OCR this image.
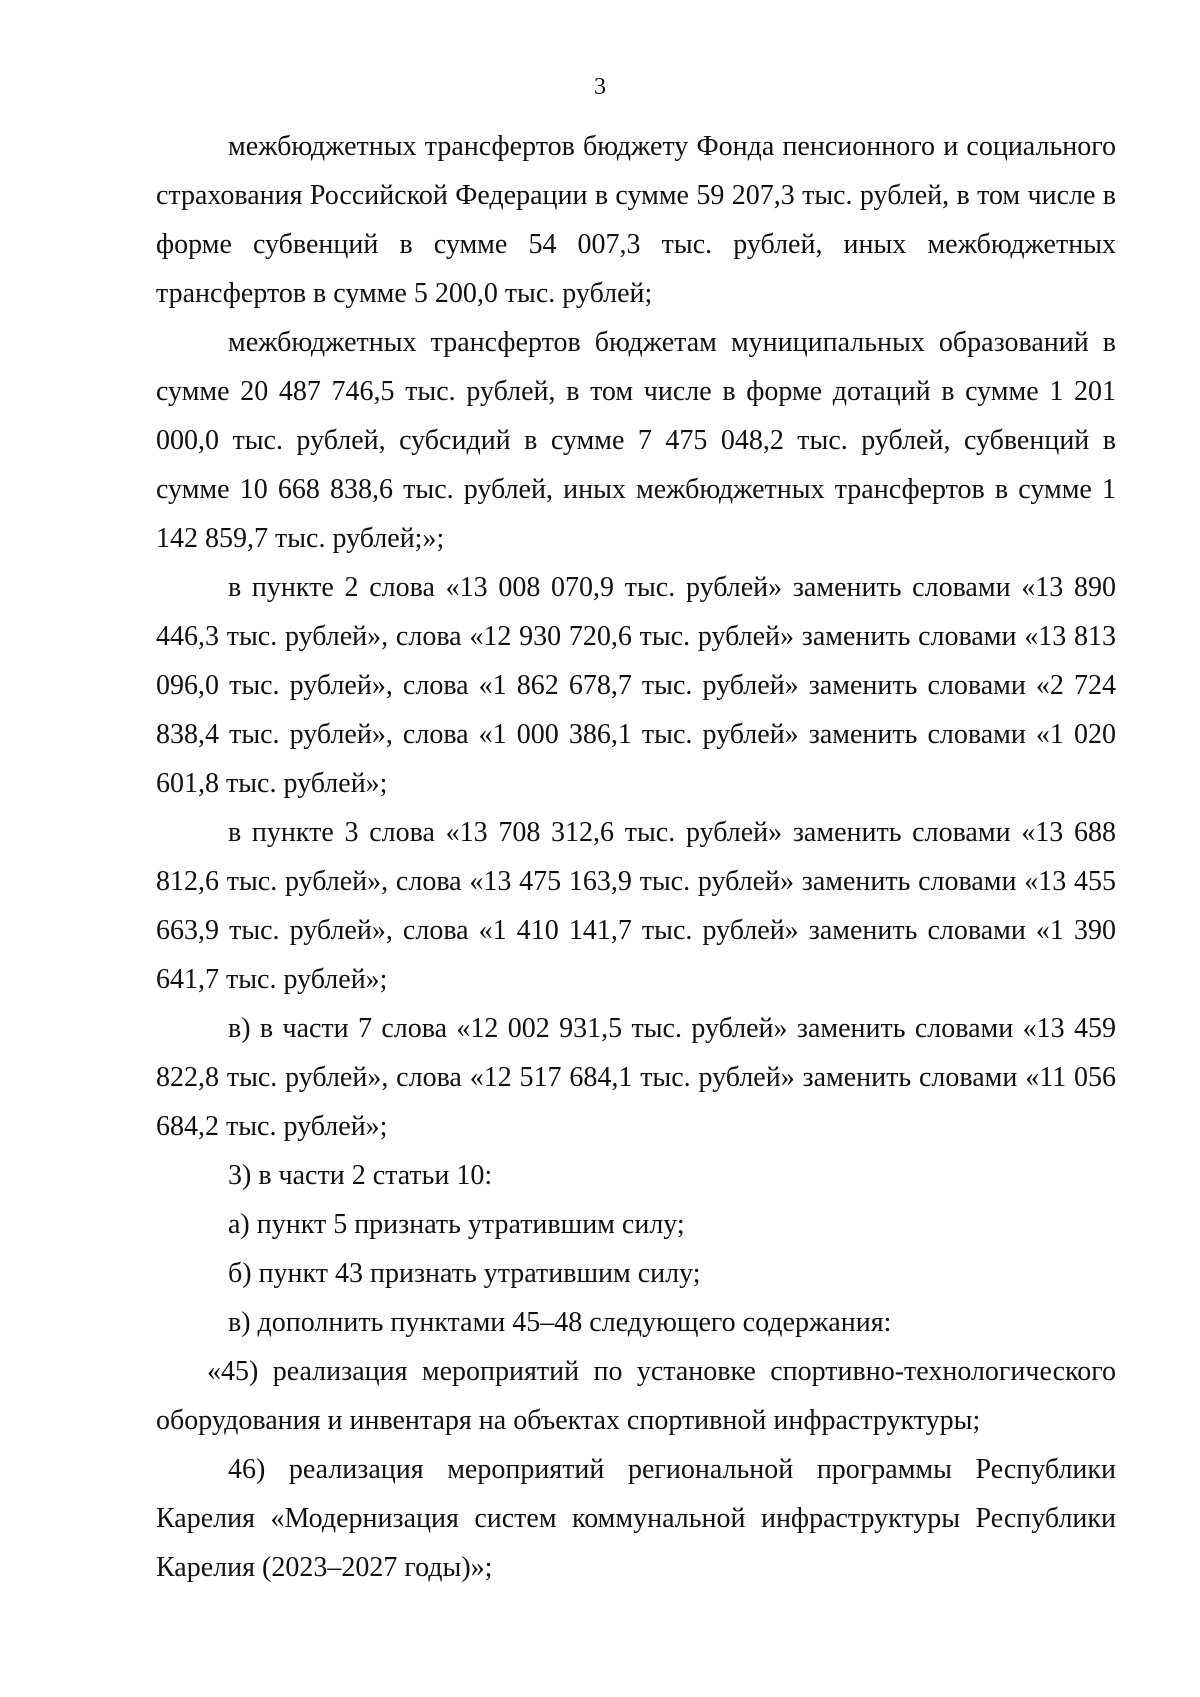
3

межбюджетных трансфертов бюджету Фонда пенсионного и социального страхования Российской Федерации в сумме 59 207,3 тыс. рублей, в том числе в форме субвенций в сумме 54 007,3 тыс. рублей, иных межбюджетных трансфертов в сумме 5 200,0 тыс. рублей;

межбюджетных трансфертов бюджетам муниципальных образований в сумме 20 487 746,5 тыс. рублей, в том числе в форме дотаций в сумме 1 201 000,0 тыс. рублей, субсидий в сумме 7 475 048,2 тыс. рублей, субвенций в сумме 10 668 838,6 тыс. рублей, иных межбюджетных трансфертов в сумме 1 142 859,7 тыс. рублей;»;

в пункте 2 слова «13 008 070,9 тыс. рублей» заменить словами «13 890 446,3 тыс. рублей», слова «12 930 720,6 тыс. рублей» заменить словами «13 813 096,0 тыс. рублей», слова «1 862 678,7 тыс. рублей» заменить словами «2 724 838,4 тыс. рублей», слова «1 000 386,1 тыс. рублей» заменить словами «1 020 601,8 тыс. рублей»;

в пункте 3 слова «13 708 312,6 тыс. рублей» заменить словами «13 688 812,6 тыс. рублей», слова «13 475 163,9 тыс. рублей» заменить словами «13 455 663,9 тыс. рублей», слова «1 410 141,7 тыс. рублей» заменить словами «1 390 641,7 тыс. рублей»;

в) в части 7 слова «12 002 931,5 тыс. рублей» заменить словами «13 459 822,8 тыс. рублей», слова «12 517 684,1 тыс. рублей» заменить словами «11 056 684,2 тыс. рублей»;

3) в части 2 статьи 10:

а) пункт 5 признать утратившим силу;

б) пункт 43 признать утратившим силу;

в) дополнить пунктами 45–48 следующего содержания:

«45) реализация мероприятий по установке спортивно-технологического оборудования и инвентаря на объектах спортивной инфраструктуры;

46) реализация мероприятий региональной программы Республики Карелия «Модернизация систем коммунальной инфраструктуры Республики Карелия (2023–2027 годы)»;
